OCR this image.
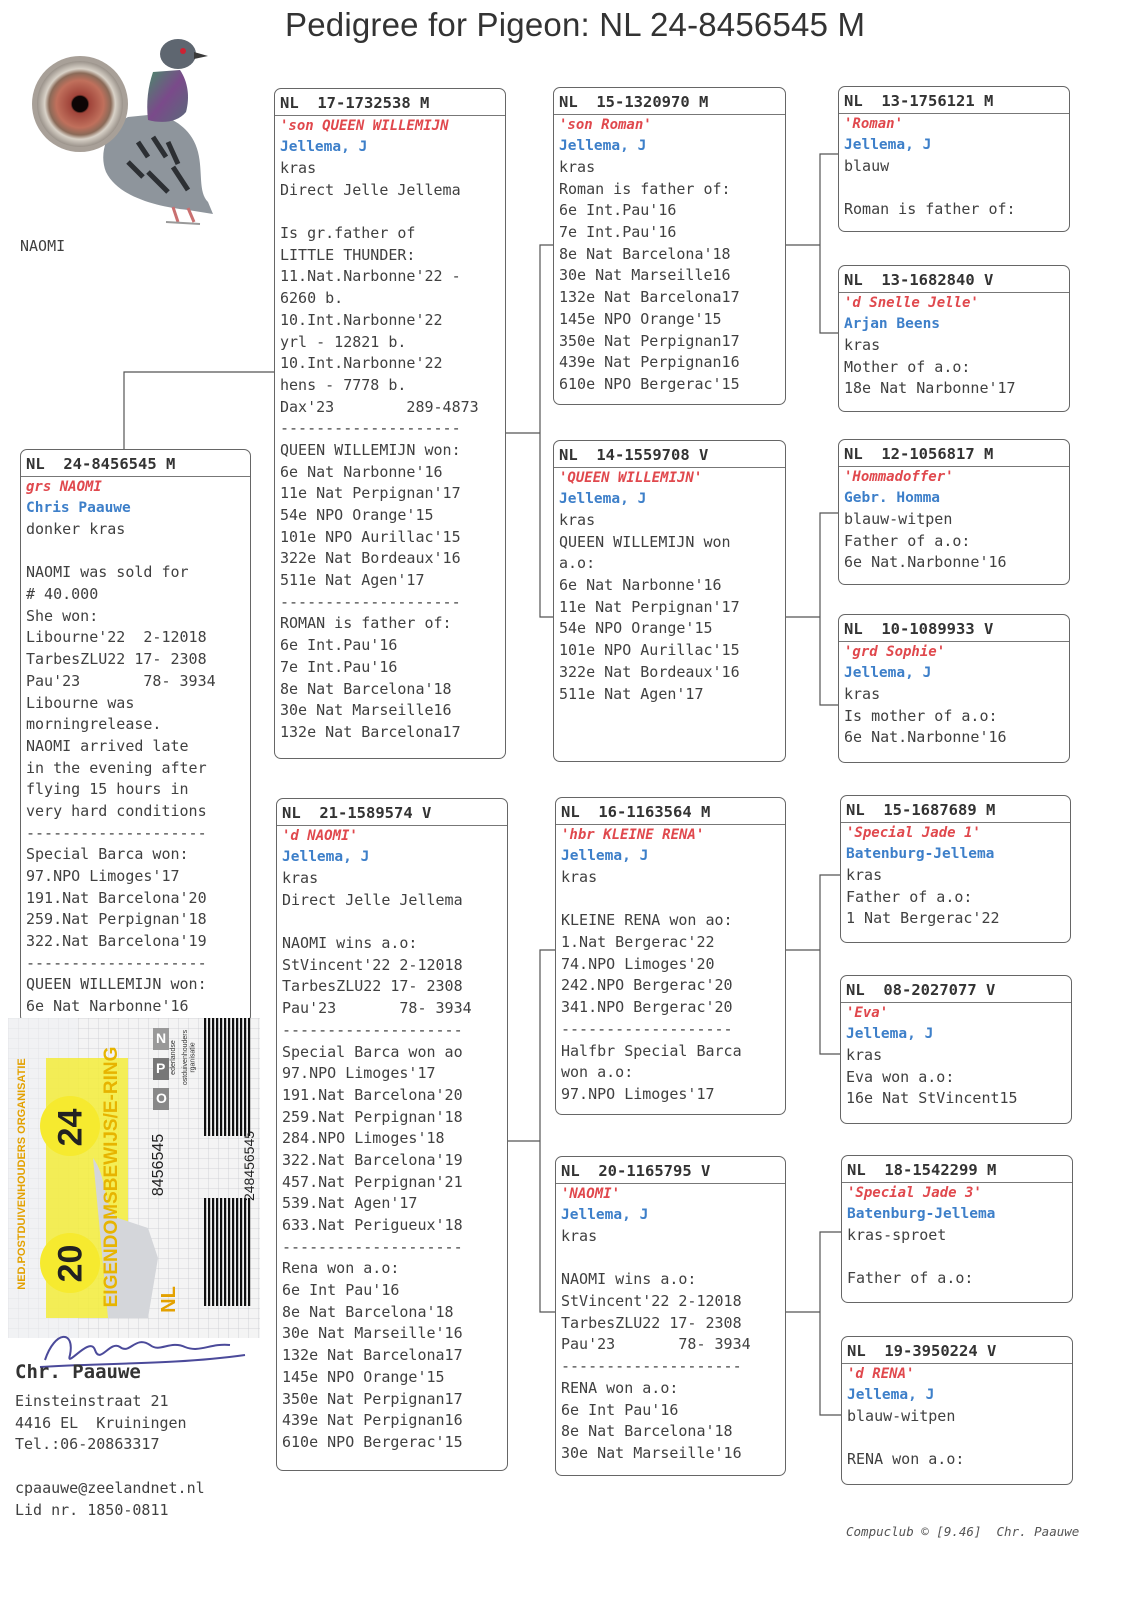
Pedigree for Pigeon: NL 24-8456545 M
NAOMI
NL  24-8456545 M
grs NAOMI
Chris Paauwe
donker kras
NAOMI was sold for
# 40.000
She won:
Libourne'22  2-12018
TarbesZLU22 17- 2308
Pau'23       78- 3934
Libourne was
morningrelease.
NAOMI arrived late
in the evening after
flying 15 hours in
very hard conditions
--------------------
Special Barca won:
97.NPO Limoges'17
191.Nat Barcelona'20
259.Nat Perpignan'18
322.Nat Barcelona'19
--------------------
QUEEN WILLEMIJN won:
6e Nat Narbonne'16
NL  17-1732538 M
'son QUEEN WILLEMIJN
Jellema, J
kras
Direct Jelle Jellema
Is gr.father of
LITTLE THUNDER:
11.Nat.Narbonne'22 -
6260 b.
10.Int.Narbonne'22
yrl - 12821 b.
10.Int.Narbonne'22
hens - 7778 b.
Dax'23        289-4873
--------------------
QUEEN WILLEMIJN won:
6e Nat Narbonne'16
11e Nat Perpignan'17
54e NPO Orange'15
101e NPO Aurillac'15
322e Nat Bordeaux'16
511e Nat Agen'17
--------------------
ROMAN is father of:
6e Int.Pau'16
7e Int.Pau'16
8e Nat Barcelona'18
30e Nat Marseille16
132e Nat Barcelona17
NL  21-1589574 V
'd NAOMI'
Jellema, J
kras
Direct Jelle Jellema
NAOMI wins a.o:
StVincent'22 2-12018
TarbesZLU22 17- 2308
Pau'23       78- 3934
--------------------
Special Barca won ao
97.NPO Limoges'17
191.Nat Barcelona'20
259.Nat Perpignan'18
284.NPO Limoges'18
322.Nat Barcelona'19
457.Nat Perpignan'21
539.Nat Agen'17
633.Nat Perigueux'18
--------------------
Rena won a.o:
6e Int Pau'16
8e Nat Barcelona'18
30e Nat Marseille'16
132e Nat Barcelona17
145e NPO Orange'15
350e Nat Perpignan17
439e Nat Perpignan16
610e NPO Bergerac'15
NL  15-1320970 M
'son Roman'
Jellema, J
kras
Roman is father of:
6e Int.Pau'16
7e Int.Pau'16
8e Nat Barcelona'18
30e Nat Marseille16
132e Nat Barcelona17
145e NPO Orange'15
350e Nat Perpignan17
439e Nat Perpignan16
610e NPO Bergerac'15
NL  14-1559708 V
'QUEEN WILLEMIJN'
Jellema, J
kras
QUEEN WILLEMIJN won
a.o:
6e Nat Narbonne'16
11e Nat Perpignan'17
54e NPO Orange'15
101e NPO Aurillac'15
322e Nat Bordeaux'16
511e Nat Agen'17
NL  16-1163564 M
'hbr KLEINE RENA'
Jellema, J
kras
KLEINE RENA won ao:
1.Nat Bergerac'22
74.NPO Limoges'20
242.NPO Bergerac'20
341.NPO Bergerac'20
-------------------
Halfbr Special Barca
won a.o:
97.NPO Limoges'17
NL  20-1165795 V
'NAOMI'
Jellema, J
kras
NAOMI wins a.o:
StVincent'22 2-12018
TarbesZLU22 17- 2308
Pau'23       78- 3934
--------------------
RENA won a.o:
6e Int Pau'16
8e Nat Barcelona'18
30e Nat Marseille'16
NL  13-1756121 M
'Roman'
Jellema, J
blauw
Roman is father of:
NL  13-1682840 V
'd Snelle Jelle'
Arjan Beens
kras
Mother of a.o:
18e Nat Narbonne'17
NL  12-1056817 M
'Hommadoffer'
Gebr. Homma
blauw-witpen
Father of a.o:
6e Nat.Narbonne'16
NL  10-1089933 V
'grd Sophie'
Jellema, J
kras
Is mother of a.o:
6e Nat.Narbonne'16
NL  15-1687689 M
'Special Jade 1'
Batenburg-Jellema
kras
Father of a.o:
1 Nat Bergerac'22
NL  08-2027077 V
'Eva'
Jellema, J
kras
Eva won a.o:
16e Nat StVincent15
NL  18-1542299 M
'Special Jade 3'
Batenburg-Jellema
kras-sproet
Father of a.o:
NL  19-3950224 V
'd RENA'
Jellema, J
blauw-witpen
RENA won a.o:
NED.POSTDUIVENHOUDERS ORGANISATIE	EIGENDOMSBEWIJS/E-RING
20
24
NL
8456545	248456545
N
P
O
ederlandse ostduivenhouders rganisatie
Chr. Paauwe
Einsteinstraat 21
4416 EL  Kruiningen
Tel.:06-20863317
cpaauwe@zeelandnet.nl
Lid nr. 1850-0811
Compuclub © [9.46]  Chr. Paauwe
